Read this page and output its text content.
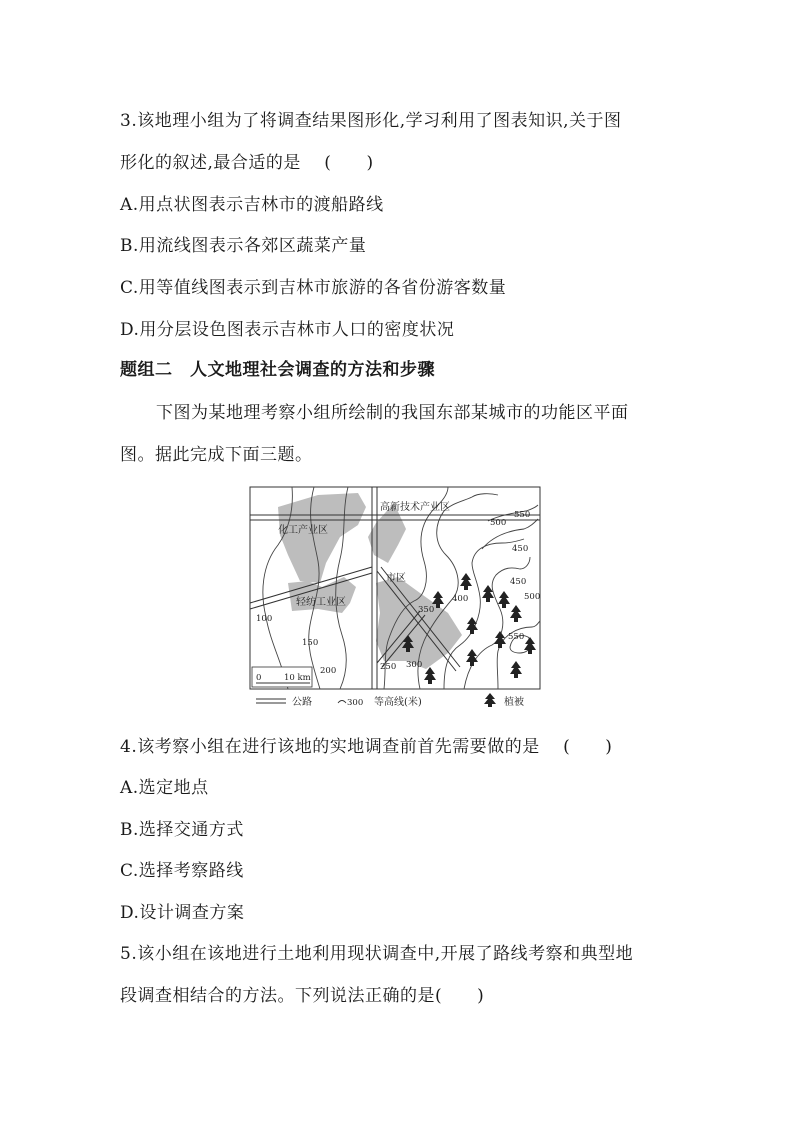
3.该地理小组为了将调查结果图形化,学习利用了图表知识,关于图
形化的叙述,最合适的是　 (　　)
A.用点状图表示吉林市的渡船路线
B.用流线图表示各郊区蔬菜产量
C.用等值线图表示到吉林市旅游的各省份游客数量
D.用分层设色图表示吉林市人口的密度状况
题组二　人文地理社会调查的方法和步骤
下图为某地理考察小组所绘制的我国东部某城市的功能区平面
图。据此完成下面三题。
化工产业区
高新技术产业区
市区
轻纺工业区
100
150
200	250 300
350
400
450
450
500
500
550
550
0	10 km
公路	300 等高线(米)	植被
4.该考察小组在进行该地的实地调查前首先需要做的是　 (　　)
A.选定地点
B.选择交通方式
C.选择考察路线
D.设计调查方案
5.该小组在该地进行土地利用现状调查中,开展了路线考察和典型地
段调查相结合的方法。下列说法正确的是(　　)
